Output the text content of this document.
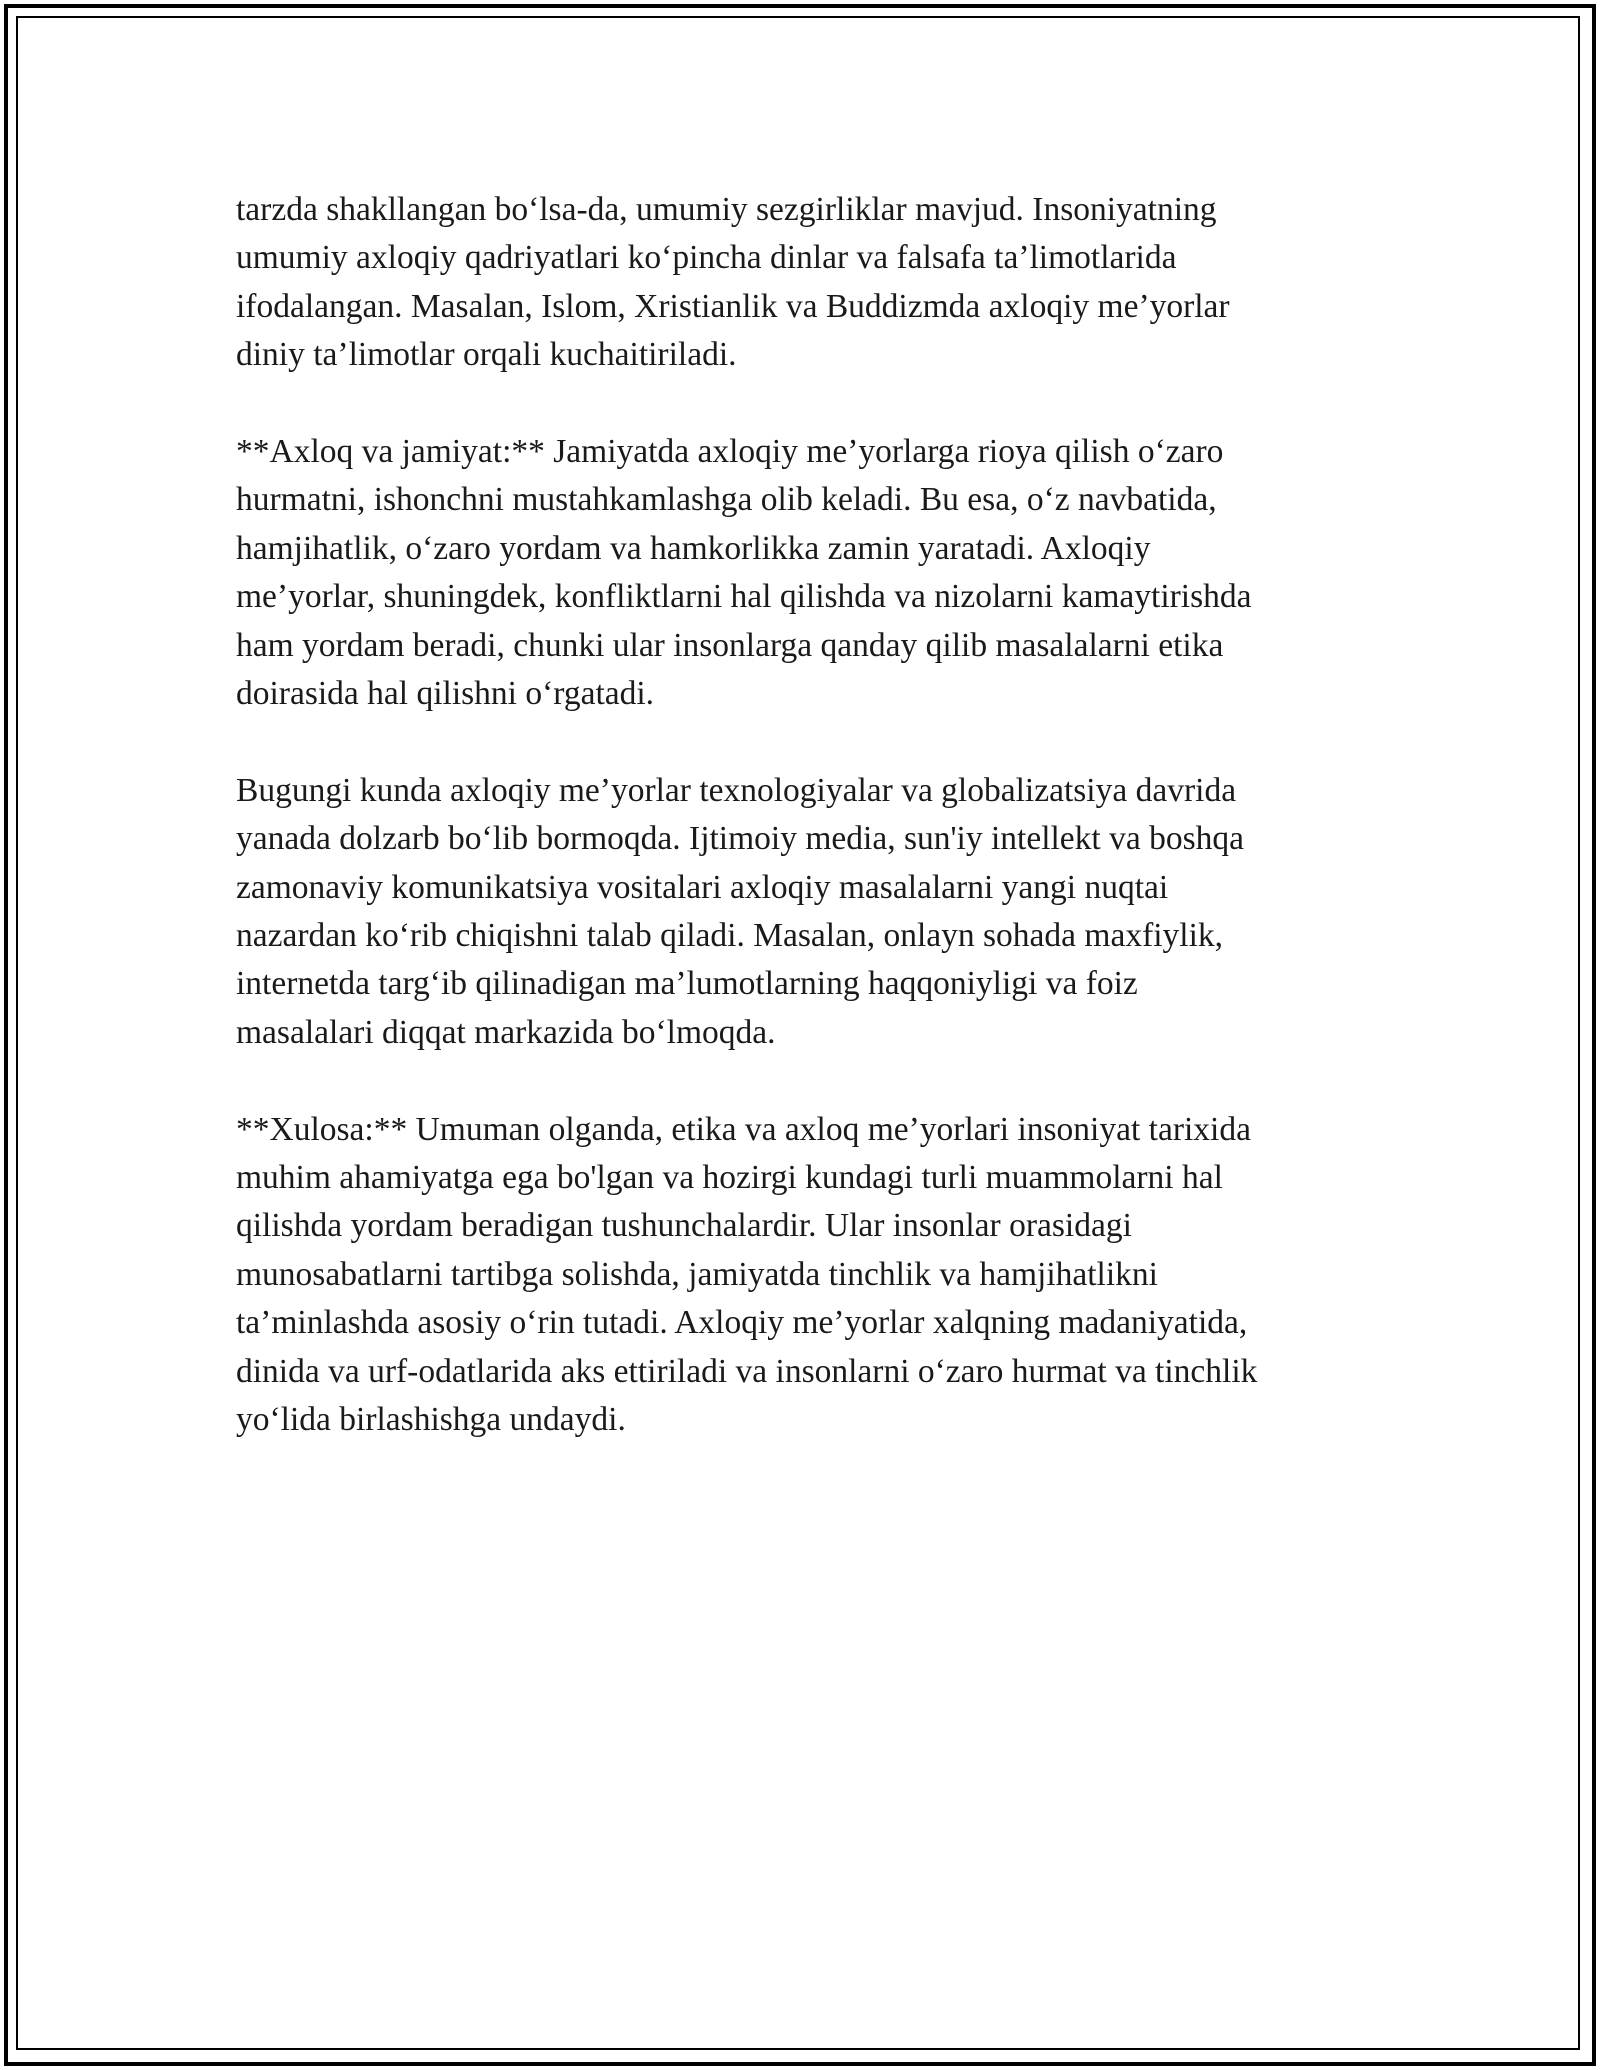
tarzda shakllangan bo‘lsa-da, umumiy sezgirliklar mavjud. Insoniyatning
umumiy axloqiy qadriyatlari ko‘pincha dinlar va falsafa ta’limotlarida
ifodalangan. Masalan, Islom, Xristianlik va Buddizmda axloqiy me’yorlar
diniy ta’limotlar orqali kuchaitiriladi.

**Axloq va jamiyat:** Jamiyatda axloqiy me’yorlarga rioya qilish o‘zaro
hurmatni, ishonchni mustahkamlashga olib keladi. Bu esa, o‘z navbatida,
hamjihatlik, o‘zaro yordam va hamkorlikka zamin yaratadi. Axloqiy
me’yorlar, shuningdek, konfliktlarni hal qilishda va nizolarni kamaytirishda
ham yordam beradi, chunki ular insonlarga qanday qilib masalalarni etika
doirasida hal qilishni o‘rgatadi.

Bugungi kunda axloqiy me’yorlar texnologiyalar va globalizatsiya davrida
yanada dolzarb bo‘lib bormoqda. Ijtimoiy media, sun'iy intellekt va boshqa
zamonaviy komunikatsiya vositalari axloqiy masalalarni yangi nuqtai
nazardan ko‘rib chiqishni talab qiladi. Masalan, onlayn sohada maxfiylik,
internetda targ‘ib qilinadigan ma’lumotlarning haqqoniyligi va foiz
masalalari diqqat markazida bo‘lmoqda.

**Xulosa:** Umuman olganda, etika va axloq me’yorlari insoniyat tarixida
muhim ahamiyatga ega bo'lgan va hozirgi kundagi turli muammolarni hal
qilishda yordam beradigan tushunchalardir. Ular insonlar orasidagi
munosabatlarni tartibga solishda, jamiyatda tinchlik va hamjihatlikni
ta’minlashda asosiy o‘rin tutadi. Axloqiy me’yorlar xalqning madaniyatida,
dinida va urf-odatlarida aks ettiriladi va insonlarni o‘zaro hurmat va tinchlik
yo‘lida birlashishga undaydi.
